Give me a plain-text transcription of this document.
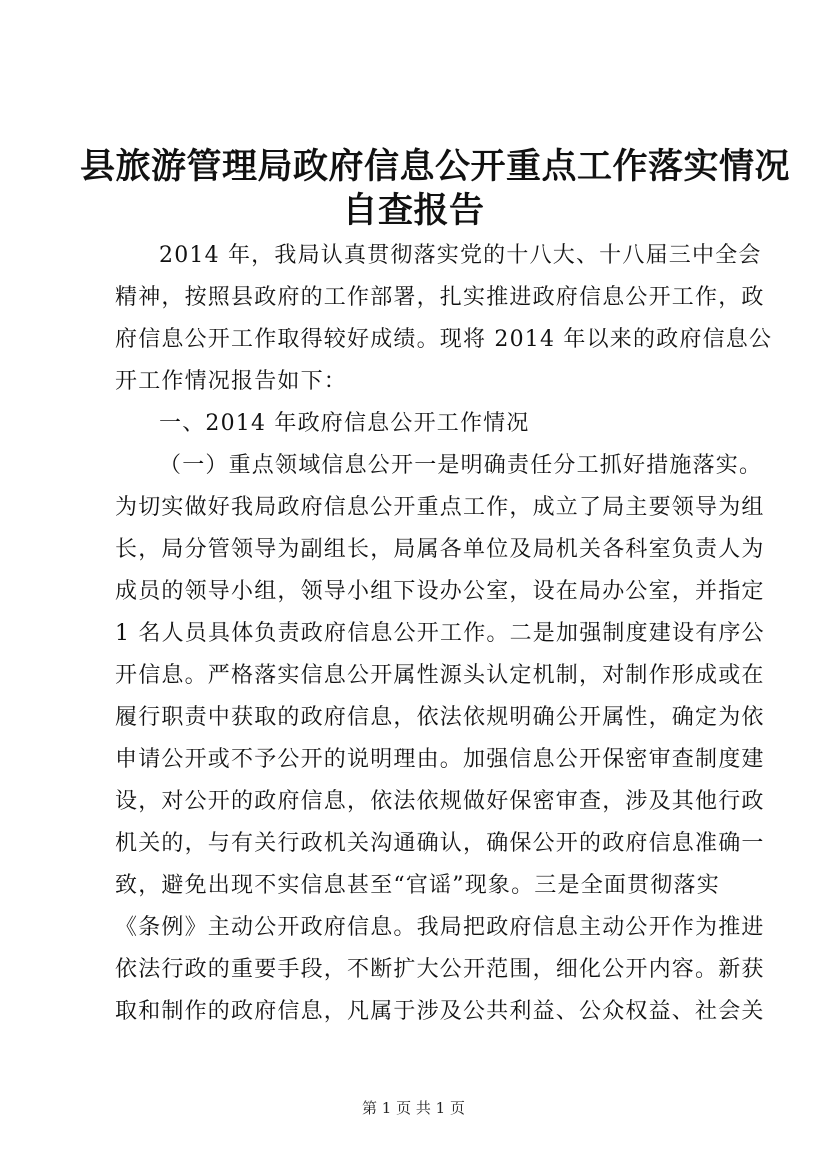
县旅游管理局政府信息公开重点工作落实情况
自查报告
2014 年，我局认真贯彻落实党的十八大、十八届三中全会
精神，按照县政府的工作部署，扎实推进政府信息公开工作，政
府信息公开工作取得较好成绩。现将 2014 年以来的政府信息公
开工作情况报告如下：
一、2014 年政府信息公开工作情况
（一）重点领域信息公开一是明确责任分工抓好措施落实。
为切实做好我局政府信息公开重点工作，成立了局主要领导为组
长，局分管领导为副组长，局属各单位及局机关各科室负责人为
成员的领导小组，领导小组下设办公室，设在局办公室，并指定
1 名人员具体负责政府信息公开工作。二是加强制度建设有序公
开信息。严格落实信息公开属性源头认定机制，对制作形成或在
履行职责中获取的政府信息，依法依规明确公开属性，确定为依
申请公开或不予公开的说明理由。加强信息公开保密审查制度建
设，对公开的政府信息，依法依规做好保密审查，涉及其他行政
机关的，与有关行政机关沟通确认，确保公开的政府信息准确一
致，避免出现不实信息甚至“官谣”现象。三是全面贯彻落实
《条例》主动公开政府信息。我局把政府信息主动公开作为推进
依法行政的重要手段，不断扩大公开范围，细化公开内容。新获
取和制作的政府信息，凡属于涉及公共利益、公众权益、社会关
第 1 页 共 1 页
